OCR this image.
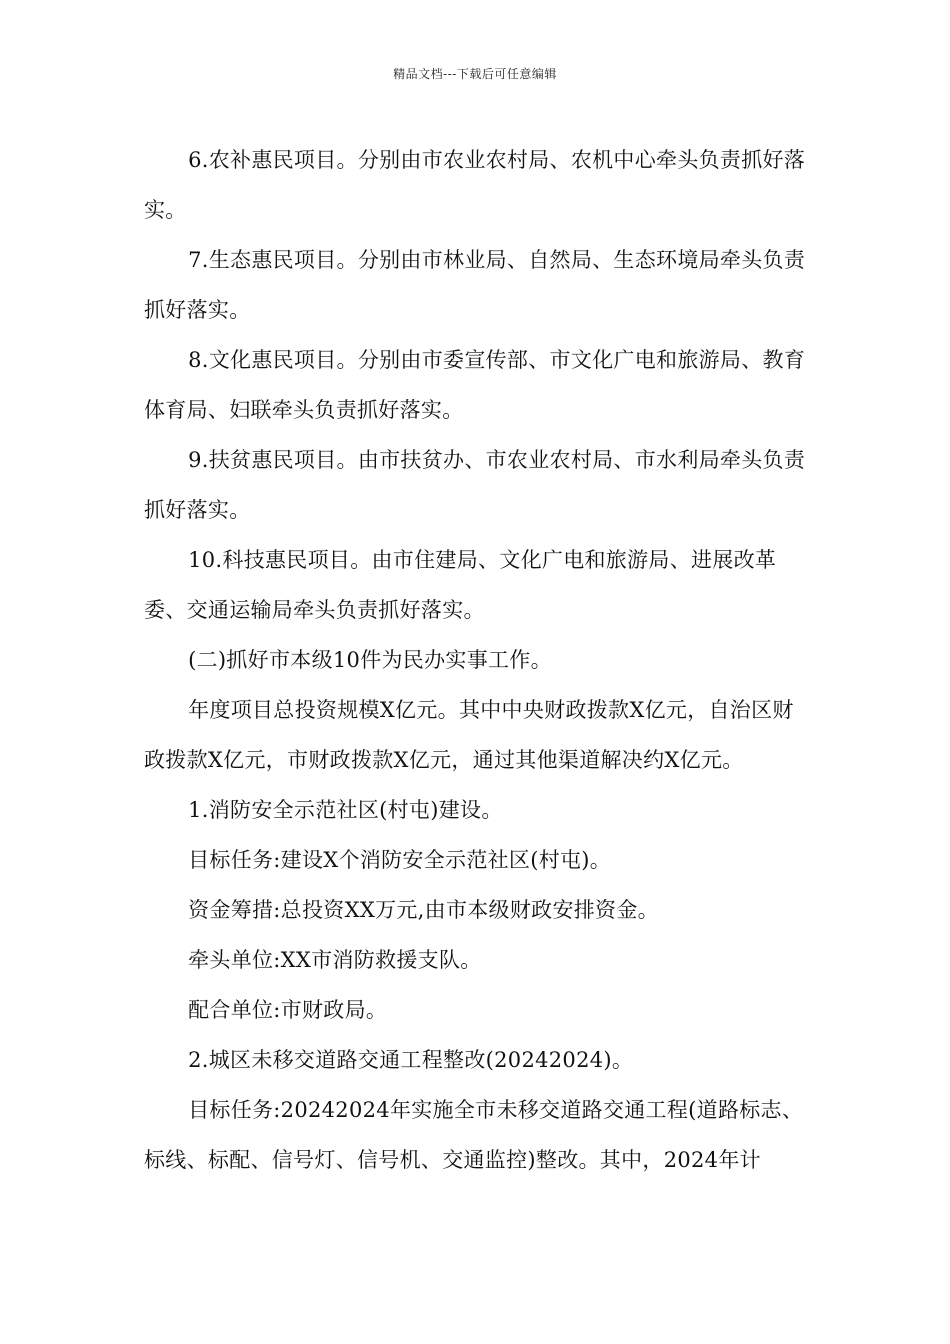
精品文档---下载后可任意编辑

6.农补惠民项目。分别由市农业农村局、农机中心牵头负责抓好落实。

7.生态惠民项目。分别由市林业局、自然局、生态环境局牵头负责抓好落实。

8.文化惠民项目。分别由市委宣传部、市文化广电和旅游局、教育体育局、妇联牵头负责抓好落实。

9.扶贫惠民项目。由市扶贫办、市农业农村局、市水利局牵头负责抓好落实。

10.科技惠民项目。由市住建局、文化广电和旅游局、进展改革委、交通运输局牵头负责抓好落实。

(二)抓好市本级10件为民办实事工作。

年度项目总投资规模X亿元。其中中央财政拨款X亿元，自治区财政拨款X亿元，市财政拨款X亿元，通过其他渠道解决约X亿元。

1.消防安全示范社区(村屯)建设。

目标任务:建设X个消防安全示范社区(村屯)。

资金筹措:总投资XX万元,由市本级财政安排资金。

牵头单位:XX市消防救援支队。

配合单位:市财政局。

2.城区未移交道路交通工程整改(20242024)。

目标任务:20242024年实施全市未移交道路交通工程(道路标志、标线、标配、信号灯、信号机、交通监控)整改。其中，2024年计
